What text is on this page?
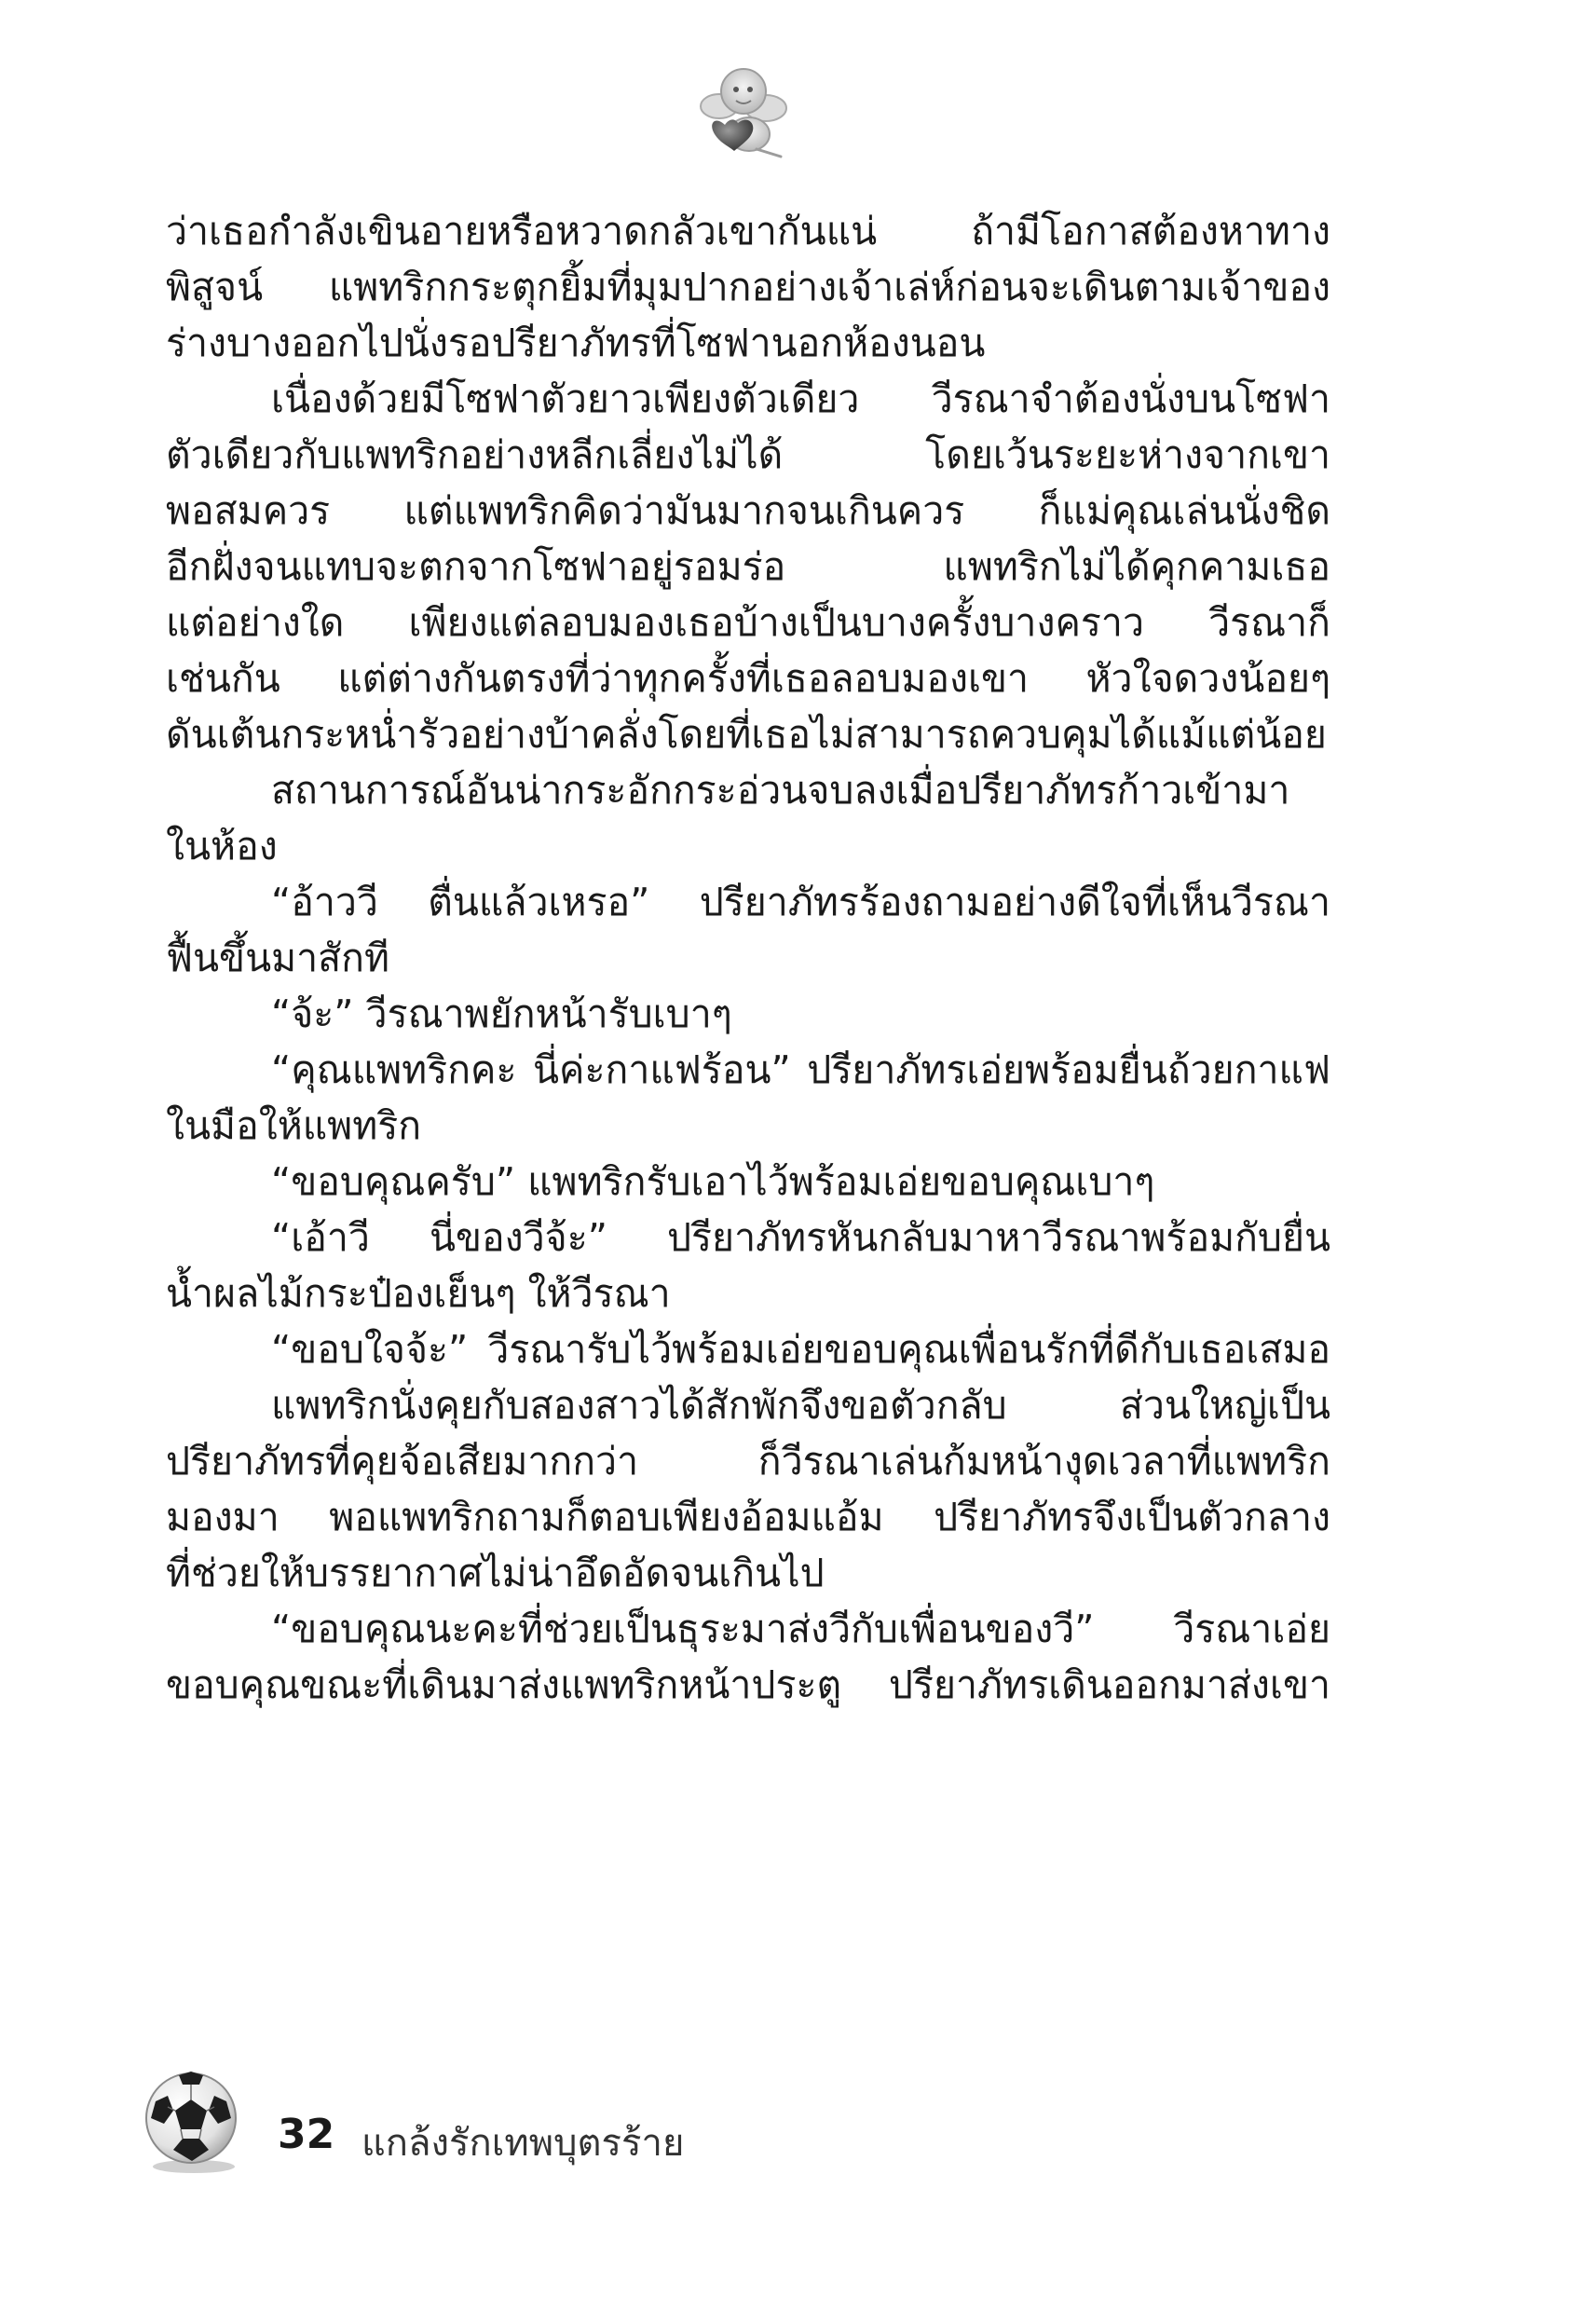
ว่าเธอกำลังเขินอายหรือหวาดกลัวเขากันแน่ ถ้ามีโอกาสต้องหาทาง
พิสูจน์ แพทริกกระตุกยิ้มที่มุมปากอย่างเจ้าเล่ห์ก่อนจะเดินตามเจ้าของ
ร่างบางออกไปนั่งรอปรียาภัทรที่โซฟานอกห้องนอน
เนื่องด้วยมีโซฟาตัวยาวเพียงตัวเดียว วีรณาจำต้องนั่งบนโซฟา
ตัวเดียวกับแพทริกอย่างหลีกเลี่ยงไม่ได้ โดยเว้นระยะห่างจากเขา
พอสมควร แต่แพทริกคิดว่ามันมากจนเกินควร ก็แม่คุณเล่นนั่งชิด
อีกฝั่งจนแทบจะตกจากโซฟาอยู่รอมร่อ แพทริกไม่ได้คุกคามเธอ
แต่อย่างใด เพียงแต่ลอบมองเธอบ้างเป็นบางครั้งบางคราว วีรณาก็
เช่นกัน แต่ต่างกันตรงที่ว่าทุกครั้งที่เธอลอบมองเขา หัวใจดวงน้อยๆ
ดันเต้นกระหน่ำรัวอย่างบ้าคลั่งโดยที่เธอไม่สามารถควบคุมได้แม้แต่น้อย
สถานการณ์อันน่ากระอักกระอ่วนจบลงเมื่อปรียาภัทรก้าวเข้ามา
ในห้อง
“อ้าววี ตื่นแล้วเหรอ” ปรียาภัทรร้องถามอย่างดีใจที่เห็นวีรณา
ฟื้นขึ้นมาสักที
“จ้ะ” วีรณาพยักหน้ารับเบาๆ
“คุณแพทริกคะ นี่ค่ะกาแฟร้อน” ปรียาภัทรเอ่ยพร้อมยื่นถ้วยกาแฟ
ในมือให้แพทริก
“ขอบคุณครับ” แพทริกรับเอาไว้พร้อมเอ่ยขอบคุณเบาๆ
“เอ้าวี นี่ของวีจ้ะ” ปรียาภัทรหันกลับมาหาวีรณาพร้อมกับยื่น
น้ำผลไม้กระป๋องเย็นๆ ให้วีรณา
“ขอบใจจ้ะ” วีรณารับไว้พร้อมเอ่ยขอบคุณเพื่อนรักที่ดีกับเธอเสมอ
แพทริกนั่งคุยกับสองสาวได้สักพักจึงขอตัวกลับ ส่วนใหญ่เป็น
ปรียาภัทรที่คุยจ้อเสียมากกว่า ก็วีรณาเล่นก้มหน้างุดเวลาที่แพทริก
มองมา พอแพทริกถามก็ตอบเพียงอ้อมแอ้ม ปรียาภัทรจึงเป็นตัวกลาง
ที่ช่วยให้บรรยากาศไม่น่าอึดอัดจนเกินไป
“ขอบคุณนะคะที่ช่วยเป็นธุระมาส่งวีกับเพื่อนของวี” วีรณาเอ่ย
ขอบคุณขณะที่เดินมาส่งแพทริกหน้าประตู ปรียาภัทรเดินออกมาส่งเขา
32 แกล้งรักเทพบุตรร้าย
